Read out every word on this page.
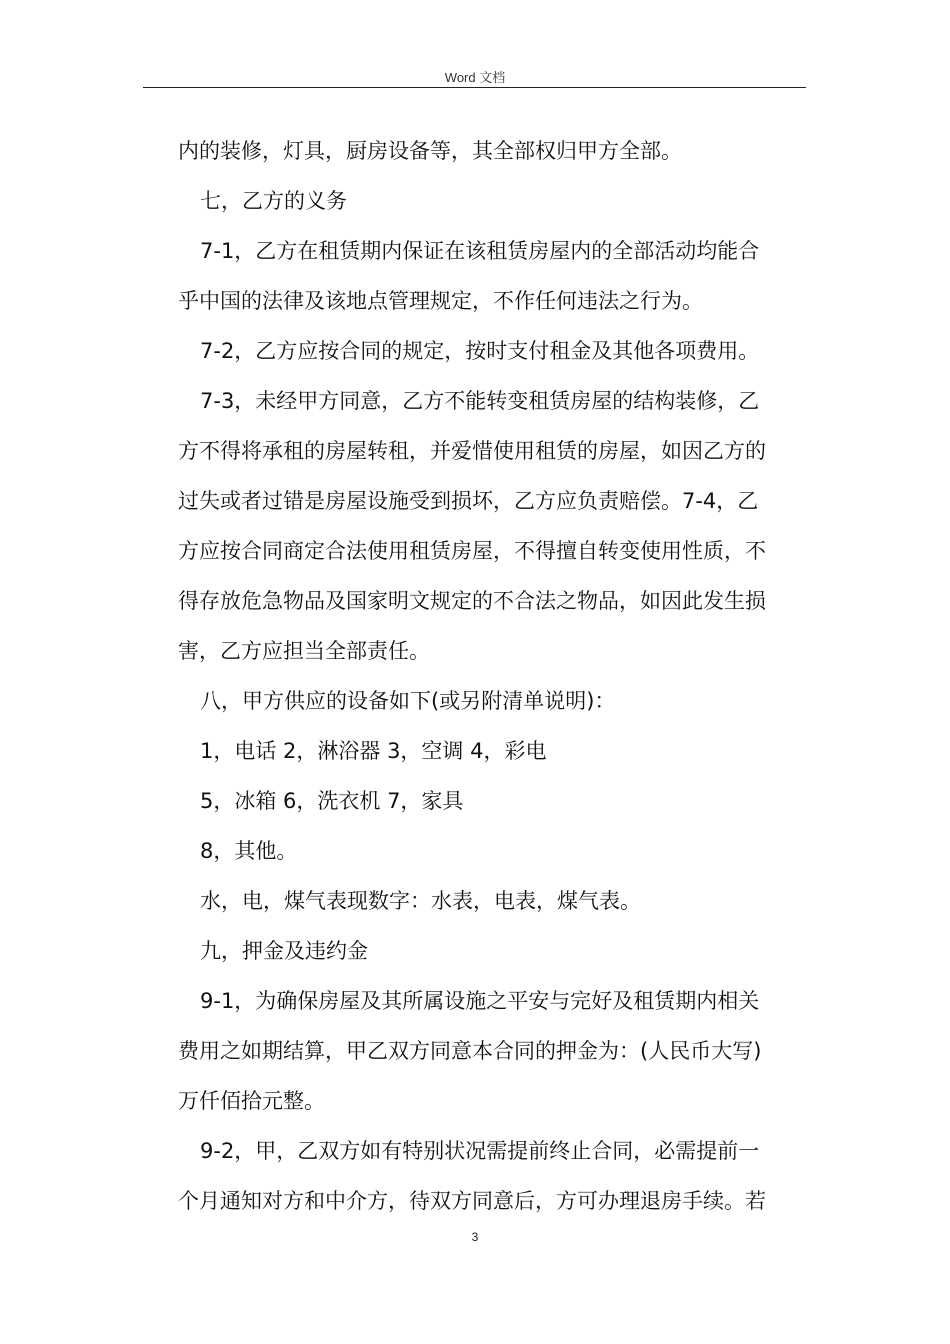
Word 文档
内的装修，灯具，厨房设备等，其全部权归甲方全部。
七，乙方的义务
7-1，乙方在租赁期内保证在该租赁房屋内的全部活动均能合
乎中国的法律及该地点管理规定，不作任何违法之行为。
7-2，乙方应按合同的规定，按时支付租金及其他各项费用。
7-3，未经甲方同意，乙方不能转变租赁房屋的结构装修，乙
方不得将承租的房屋转租，并爱惜使用租赁的房屋，如因乙方的
过失或者过错是房屋设施受到损坏，乙方应负责赔偿。7-4，乙
方应按合同商定合法使用租赁房屋，不得擅自转变使用性质，不
得存放危急物品及国家明文规定的不合法之物品，如因此发生损
害，乙方应担当全部责任。
八，甲方供应的设备如下(或另附清单说明)：
1，电话 2，淋浴器 3，空调 4，彩电
5，冰箱 6，洗衣机 7，家具
8，其他。
水，电，煤气表现数字：水表，电表，煤气表。
九，押金及违约金
9-1，为确保房屋及其所属设施之平安与完好及租赁期内相关
费用之如期结算，甲乙双方同意本合同的押金为：(人民币大写)
万仟佰拾元整。
9-2，甲，乙双方如有特别状况需提前终止合同，必需提前一
个月通知对方和中介方，待双方同意后，方可办理退房手续。若
3
